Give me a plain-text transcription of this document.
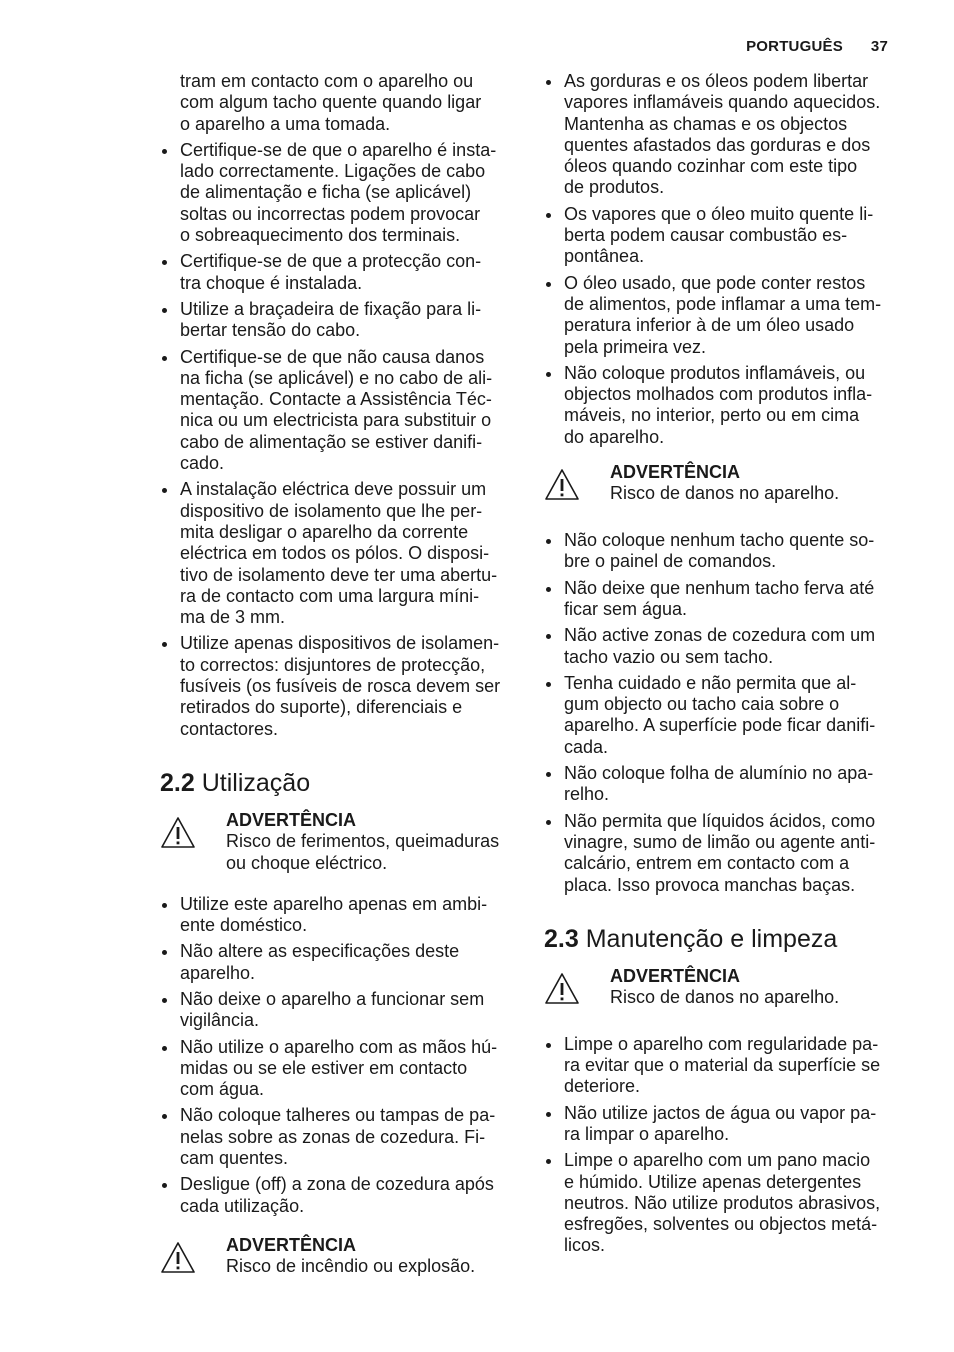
PORTUGUÊS 37
tram em contacto com o aparelho ou
com algum tacho quente quando ligar
o aparelho a uma tomada.
Certifique-se de que o aparelho é insta-
lado correctamente. Ligações de cabo
de alimentação e ficha (se aplicável)
soltas ou incorrectas podem provocar
o sobreaquecimento dos terminais.
Certifique-se de que a protecção con-
tra choque é instalada.
Utilize a braçadeira de fixação para li-
bertar tensão do cabo.
Certifique-se de que não causa danos
na ficha (se aplicável) e no cabo de ali-
mentação. Contacte a Assistência Téc-
nica ou um electricista para substituir o
cabo de alimentação se estiver danifi-
cado.
A instalação eléctrica deve possuir um
dispositivo de isolamento que lhe per-
mita desligar o aparelho da corrente
eléctrica em todos os pólos. O disposi-
tivo de isolamento deve ter uma abertu-
ra de contacto com uma largura míni-
ma de 3 mm.
Utilize apenas dispositivos de isolamen-
to correctos: disjuntores de protecção,
fusíveis (os fusíveis de rosca devem ser
retirados do suporte), diferenciais e
contactores.
2.2 Utilização
ADVERTÊNCIA
Risco de ferimentos, queimaduras
ou choque eléctrico.
Utilize este aparelho apenas em ambi-
ente doméstico.
Não altere as especificações deste
aparelho.
Não deixe o aparelho a funcionar sem
vigilância.
Não utilize o aparelho com as mãos hú-
midas ou se ele estiver em contacto
com água.
Não coloque talheres ou tampas de pa-
nelas sobre as zonas de cozedura. Fi-
cam quentes.
Desligue (off) a zona de cozedura após
cada utilização.
ADVERTÊNCIA
Risco de incêndio ou explosão.
As gorduras e os óleos podem libertar
vapores inflamáveis quando aquecidos.
Mantenha as chamas e os objectos
quentes afastados das gorduras e dos
óleos quando cozinhar com este tipo
de produtos.
Os vapores que o óleo muito quente li-
berta podem causar combustão es-
pontânea.
O óleo usado, que pode conter restos
de alimentos, pode inflamar a uma tem-
peratura inferior à de um óleo usado
pela primeira vez.
Não coloque produtos inflamáveis, ou
objectos molhados com produtos infla-
máveis, no interior, perto ou em cima
do aparelho.
ADVERTÊNCIA
Risco de danos no aparelho.
Não coloque nenhum tacho quente so-
bre o painel de comandos.
Não deixe que nenhum tacho ferva até
ficar sem água.
Não active zonas de cozedura com um
tacho vazio ou sem tacho.
Tenha cuidado e não permita que al-
gum objecto ou tacho caia sobre o
aparelho. A superfície pode ficar danifi-
cada.
Não coloque folha de alumínio no apa-
relho.
Não permita que líquidos ácidos, como
vinagre, sumo de limão ou agente anti-
calcário, entrem em contacto com a
placa. Isso provoca manchas baças.
2.3 Manutenção e limpeza
ADVERTÊNCIA
Risco de danos no aparelho.
Limpe o aparelho com regularidade pa-
ra evitar que o material da superfície se
deteriore.
Não utilize jactos de água ou vapor pa-
ra limpar o aparelho.
Limpe o aparelho com um pano macio
e húmido. Utilize apenas detergentes
neutros. Não utilize produtos abrasivos,
esfregões, solventes ou objectos metá-
licos.
